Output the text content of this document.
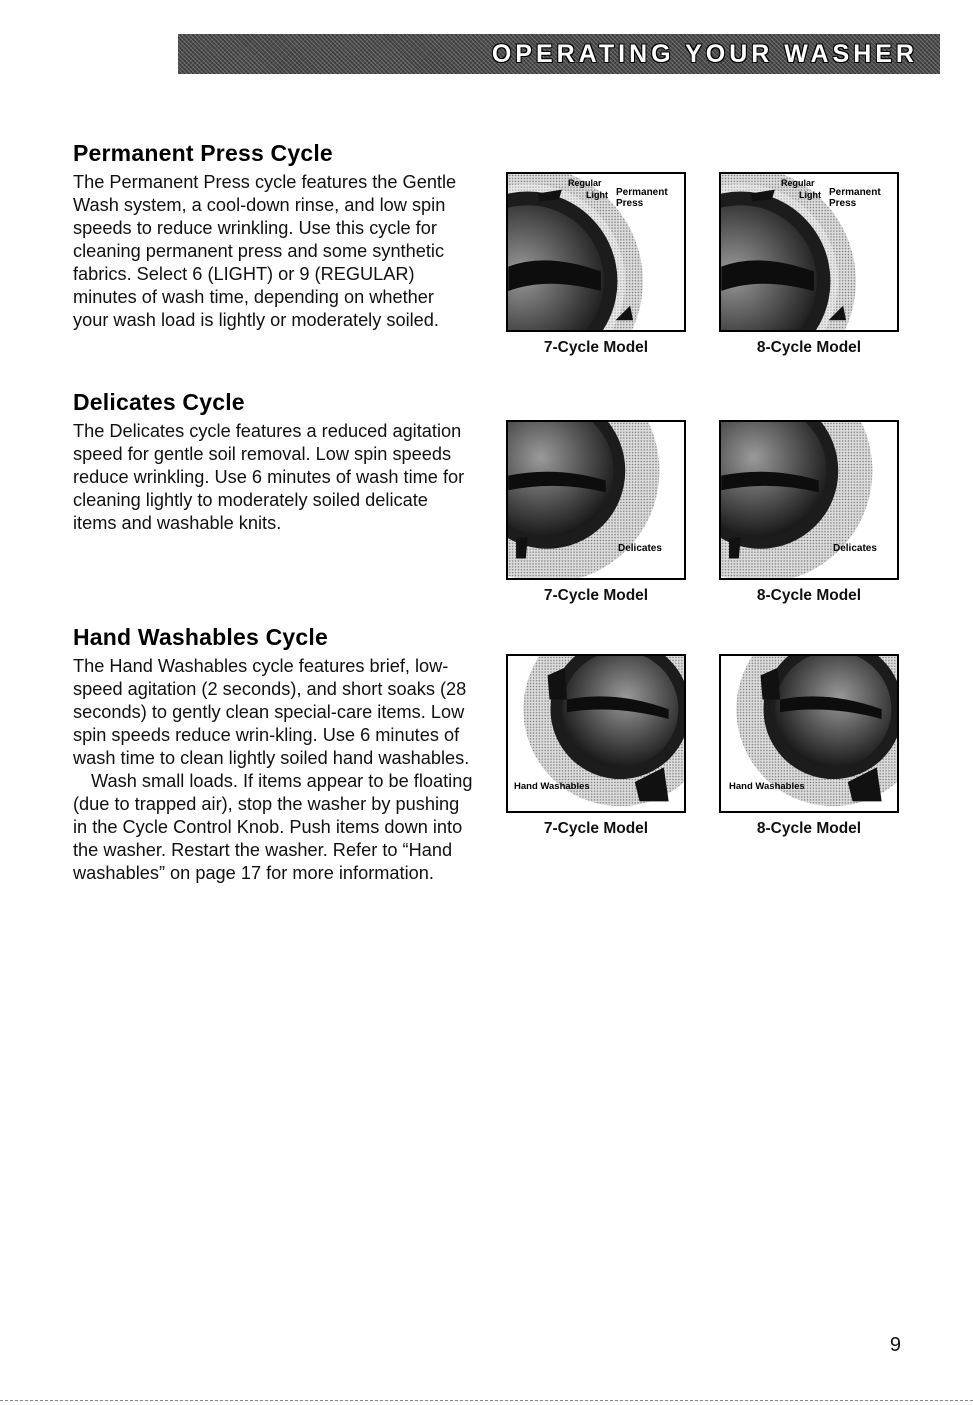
OPERATING YOUR WASHER
Permanent Press Cycle

The Permanent Press cycle features the Gentle Wash system, a cool-down rinse, and low spin speeds to reduce wrinkling. Use this cycle for cleaning permanent press and some synthetic fabrics. Select 6 (LIGHT) or 9 (REGULAR) minutes of wash time, depending on whether your wash load is lightly or moderately soiled.

Regular
Light Permanent
Press
7-Cycle Model
Regular
Light Permanent
Press
8-Cycle Model
Delicates Cycle

The Delicates cycle features a reduced agitation speed for gentle soil removal. Low spin speeds reduce wrinkling. Use 6 minutes of wash time for cleaning lightly to moderately soiled delicate items and washable knits.

Delicates
7-Cycle Model
Delicates
8-Cycle Model
Hand Washables Cycle

The Hand Washables cycle features brief, low-speed agitation (2 seconds), and short soaks (28 seconds) to gently clean special-care items. Low spin speeds reduce wrin-kling. Use 6 minutes of wash time to clean lightly soiled hand washables.

Wash small loads. If items appear to be floating (due to trapped air), stop the washer by pushing in the Cycle Control Knob. Push items down into the washer. Restart the washer. Refer to “Hand washables” on page 17 for more information.

Hand Washables
7-Cycle Model
Hand Washables
8-Cycle Model
9
